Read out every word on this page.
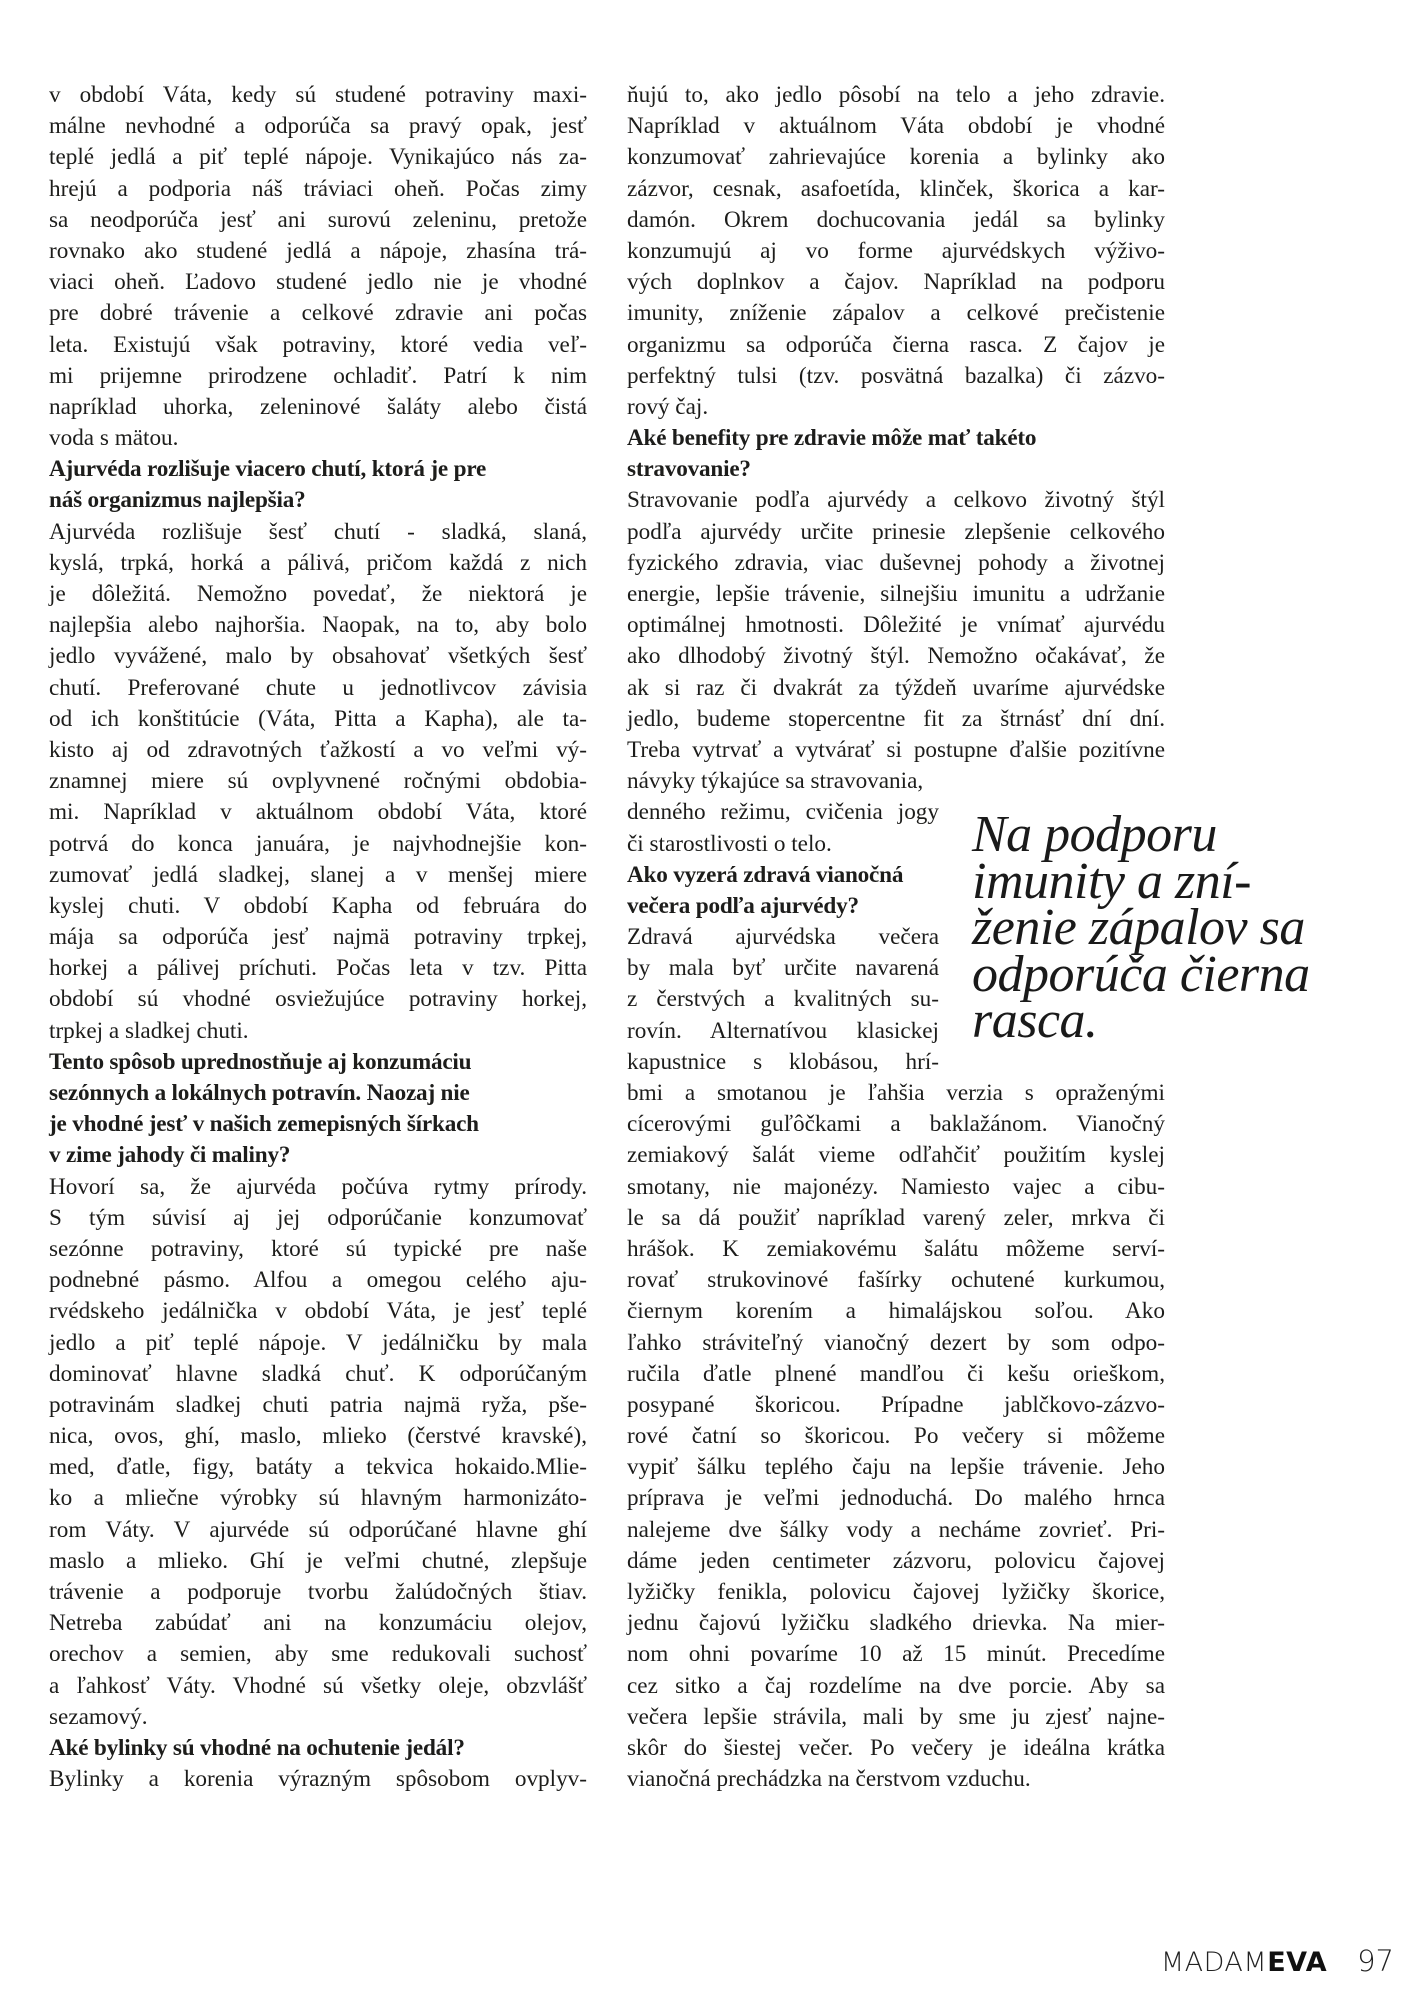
v období Váta, kedy sú studené potraviny maxi-
málne nevhodné a odporúča sa pravý opak, jesť
teplé jedlá a piť teplé nápoje. Vynikajúco nás za-
hrejú a podporia náš tráviaci oheň. Počas zimy
sa neodporúča jesť ani surovú zeleninu, pretože
rovnako ako studené jedlá a nápoje, zhasína trá-
viaci oheň. Ľadovo studené jedlo nie je vhodné
pre dobré trávenie a celkové zdravie ani počas
leta. Existujú však potraviny, ktoré vedia veľ-
mi prijemne prirodzene ochladiť. Patrí k nim
napríklad uhorka, zeleninové šaláty alebo čistá
voda s mätou.
Ajurvéda rozlišuje viacero chutí, ktorá je pre
náš organizmus najlepšia?
Ajurvéda rozlišuje šesť chutí - sladká, slaná,
kyslá, trpká, horká a pálivá, pričom každá z nich
je dôležitá. Nemožno povedať, že niektorá je
najlepšia alebo najhoršia. Naopak, na to, aby bolo
jedlo vyvážené, malo by obsahovať všetkých šesť
chutí. Preferované chute u jednotlivcov závisia
od ich konštitúcie (Váta, Pitta a Kapha), ale ta-
kisto aj od zdravotných ťažkostí a vo veľmi vý-
znamnej miere sú ovplyvnené ročnými obdobia-
mi. Napríklad v aktuálnom období Váta, ktoré
potrvá do konca januára, je najvhodnejšie kon-
zumovať jedlá sladkej, slanej a v menšej miere
kyslej chuti. V období Kapha od februára do
mája sa odporúča jesť najmä potraviny trpkej,
horkej a pálivej príchuti. Počas leta v tzv. Pitta
období sú vhodné osviežujúce potraviny horkej,
trpkej a sladkej chuti.
Tento spôsob uprednostňuje aj konzumáciu
sezónnych a lokálnych potravín. Naozaj nie
je vhodné jesť v našich zemepisných šírkach
v zime jahody či maliny?
Hovorí sa, že ajurvéda počúva rytmy prírody.
S tým súvisí aj jej odporúčanie konzumovať
sezónne potraviny, ktoré sú typické pre naše
podnebné pásmo. Alfou a omegou celého aju-
rvédskeho jedálnička v období Váta, je jesť teplé
jedlo a piť teplé nápoje. V jedálničku by mala
dominovať hlavne sladká chuť. K odporúčaným
potravinám sladkej chuti patria najmä ryža, pše-
nica, ovos, ghí, maslo, mlieko (čerstvé kravské),
med, ďatle, figy, batáty a tekvica hokaido.Mlie-
ko a mliečne výrobky sú hlavným harmonizáto-
rom Váty. V ajurvéde sú odporúčané hlavne ghí
maslo a mlieko. Ghí je veľmi chutné, zlepšuje
trávenie a podporuje tvorbu žalúdočných štiav.
Netreba zabúdať ani na konzumáciu olejov,
orechov a semien, aby sme redukovali suchosť
a ľahkosť Váty. Vhodné sú všetky oleje, obzvlášť
sezamový.
Aké bylinky sú vhodné na ochutenie jedál?
Bylinky a korenia výrazným spôsobom ovplyv-
ňujú to, ako jedlo pôsobí na telo a jeho zdravie.
Napríklad v aktuálnom Váta období je vhodné
konzumovať zahrievajúce korenia a bylinky ako
zázvor, cesnak, asafoetída, klinček, škorica a kar-
damón. Okrem dochucovania jedál sa bylinky
konzumujú aj vo forme ajurvédskych výživo-
vých doplnkov a čajov. Napríklad na podporu
imunity, zníženie zápalov a celkové prečistenie
organizmu sa odporúča čierna rasca. Z čajov je
perfektný tulsi (tzv. posvätná bazalka) či zázvo-
rový čaj.
Aké benefity pre zdravie môže mať takéto
stravovanie?
Stravovanie podľa ajurvédy a celkovo životný štýl
podľa ajurvédy určite prinesie zlepšenie celkového
fyzického zdravia, viac duševnej pohody a životnej
energie, lepšie trávenie, silnejšiu imunitu a udržanie
optimálnej hmotnosti. Dôležité je vnímať ajurvédu
ako dlhodobý životný štýl. Nemožno očakávať, že
ak si raz či dvakrát za týždeň uvaríme ajurvédske
jedlo, budeme stopercentne fit za štrnásť dní dní.
Treba vytrvať a vytvárať si postupne ďalšie pozitívne
návyky týkajúce sa stravovania,
denného režimu, cvičenia jogy
či starostlivosti o telo.
Ako vyzerá zdravá vianočná
večera podľa ajurvédy?
Zdravá ajurvédska večera
by mala byť určite navarená
z čerstvých a kvalitných su-
rovín. Alternatívou klasickej
kapustnice s klobásou, hrí-
bmi a smotanou je ľahšia verzia s opraženými
cícerovými guľôčkami a baklažánom. Vianočný
zemiakový šalát vieme odľahčiť použitím kyslej
smotany, nie majonézy. Namiesto vajec a cibu-
le sa dá použiť napríklad varený zeler, mrkva či
hrášok. K zemiakovému šalátu môžeme serví-
rovať strukovinové fašírky ochutené kurkumou,
čiernym korením a himalájskou soľou. Ako
ľahko stráviteľný vianočný dezert by som odpo-
ručila ďatle plnené mandľou či kešu orieškom,
posypané škoricou. Prípadne jablčkovo-zázvo-
rové čatní so škoricou. Po večery si môžeme
vypiť šálku teplého čaju na lepšie trávenie. Jeho
príprava je veľmi jednoduchá. Do malého hrnca
nalejeme dve šálky vody a necháme zovrieť. Pri-
dáme jeden centimeter zázvoru, polovicu čajovej
lyžičky fenikla, polovicu čajovej lyžičky škorice,
jednu čajovú lyžičku sladkého drievka. Na mier-
nom ohni povaríme 10 až 15 minút. Precedíme
cez sitko a čaj rozdelíme na dve porcie. Aby sa
večera lepšie strávila, mali by sme ju zjesť najne-
skôr do šiestej večer. Po večery je ideálna krátka
vianočná prechádzka na čerstvom vzduchu.
Na podporu
imunity a zní-
ženie zápalov sa
odporúča čierna
rasca.
MADAMEVA 97
